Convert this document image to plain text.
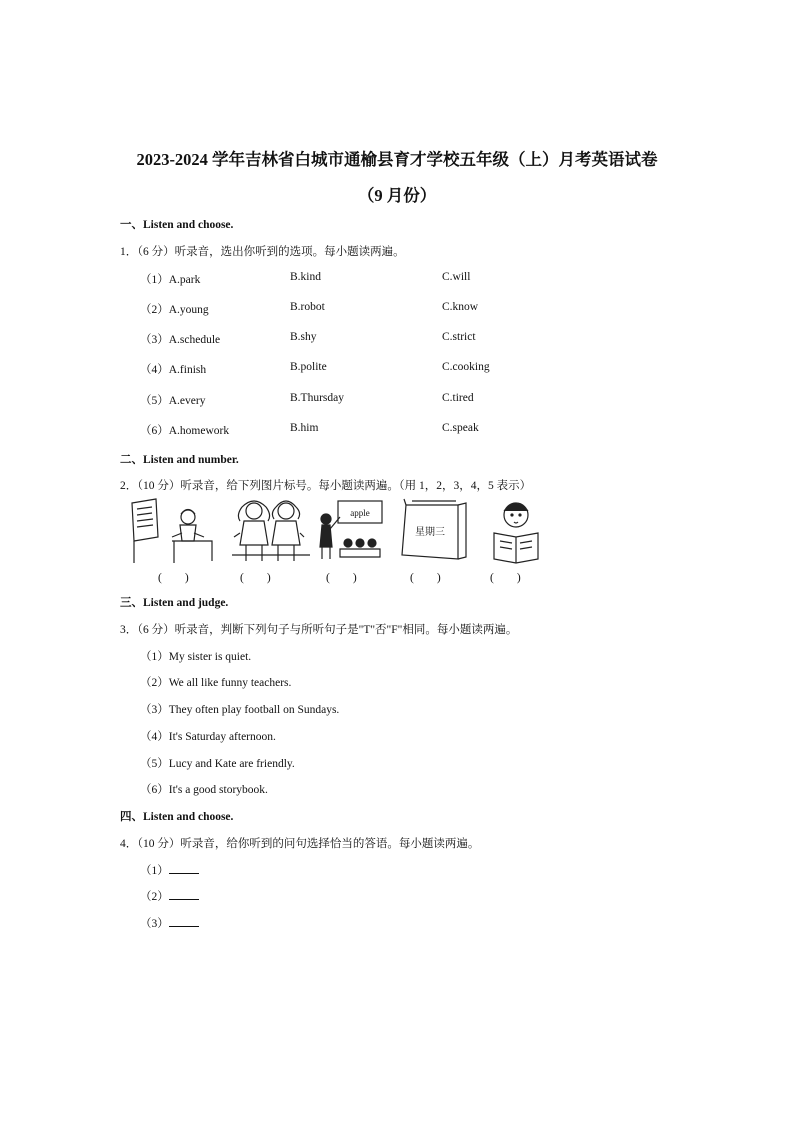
2023-2024 学年吉林省白城市通榆县育才学校五年级（上）月考英语试卷
（9 月份）
一、Listen and choose.
1．（6 分）听录音，选出你听到的选项。每小题读两遍。
（1）A.park	B.kind	C.will
（2）A.young	B.robot	C.know
（3）A.schedule	B.shy	C.strict
（4）A.finish	B.polite	C.cooking
（5）A.every	B.Thursday	C.tired
（6）A.homework	B.him	C.speak
二、Listen and number.
2．（10 分）听录音，给下列图片标号。每小题读两遍。（用 1，2，3，4，5 表示）
apple
星期三
(　　)	(　　)	(　　)	(　　)	(　　)
三、Listen and judge.
3．（6 分）听录音，判断下列句子与所听句子是"T"否"F"相同。每小题读两遍。
（1）My sister is quiet.
（2）We all like funny teachers.
（3）They often play football on Sundays.
（4）It's Saturday afternoon.
（5）Lucy and Kate are friendly.
（6）It's a good storybook.
四、Listen and choose.
4．（10 分）听录音，给你听到的问句选择恰当的答语。每小题读两遍。
（1）
（2）
（3）
